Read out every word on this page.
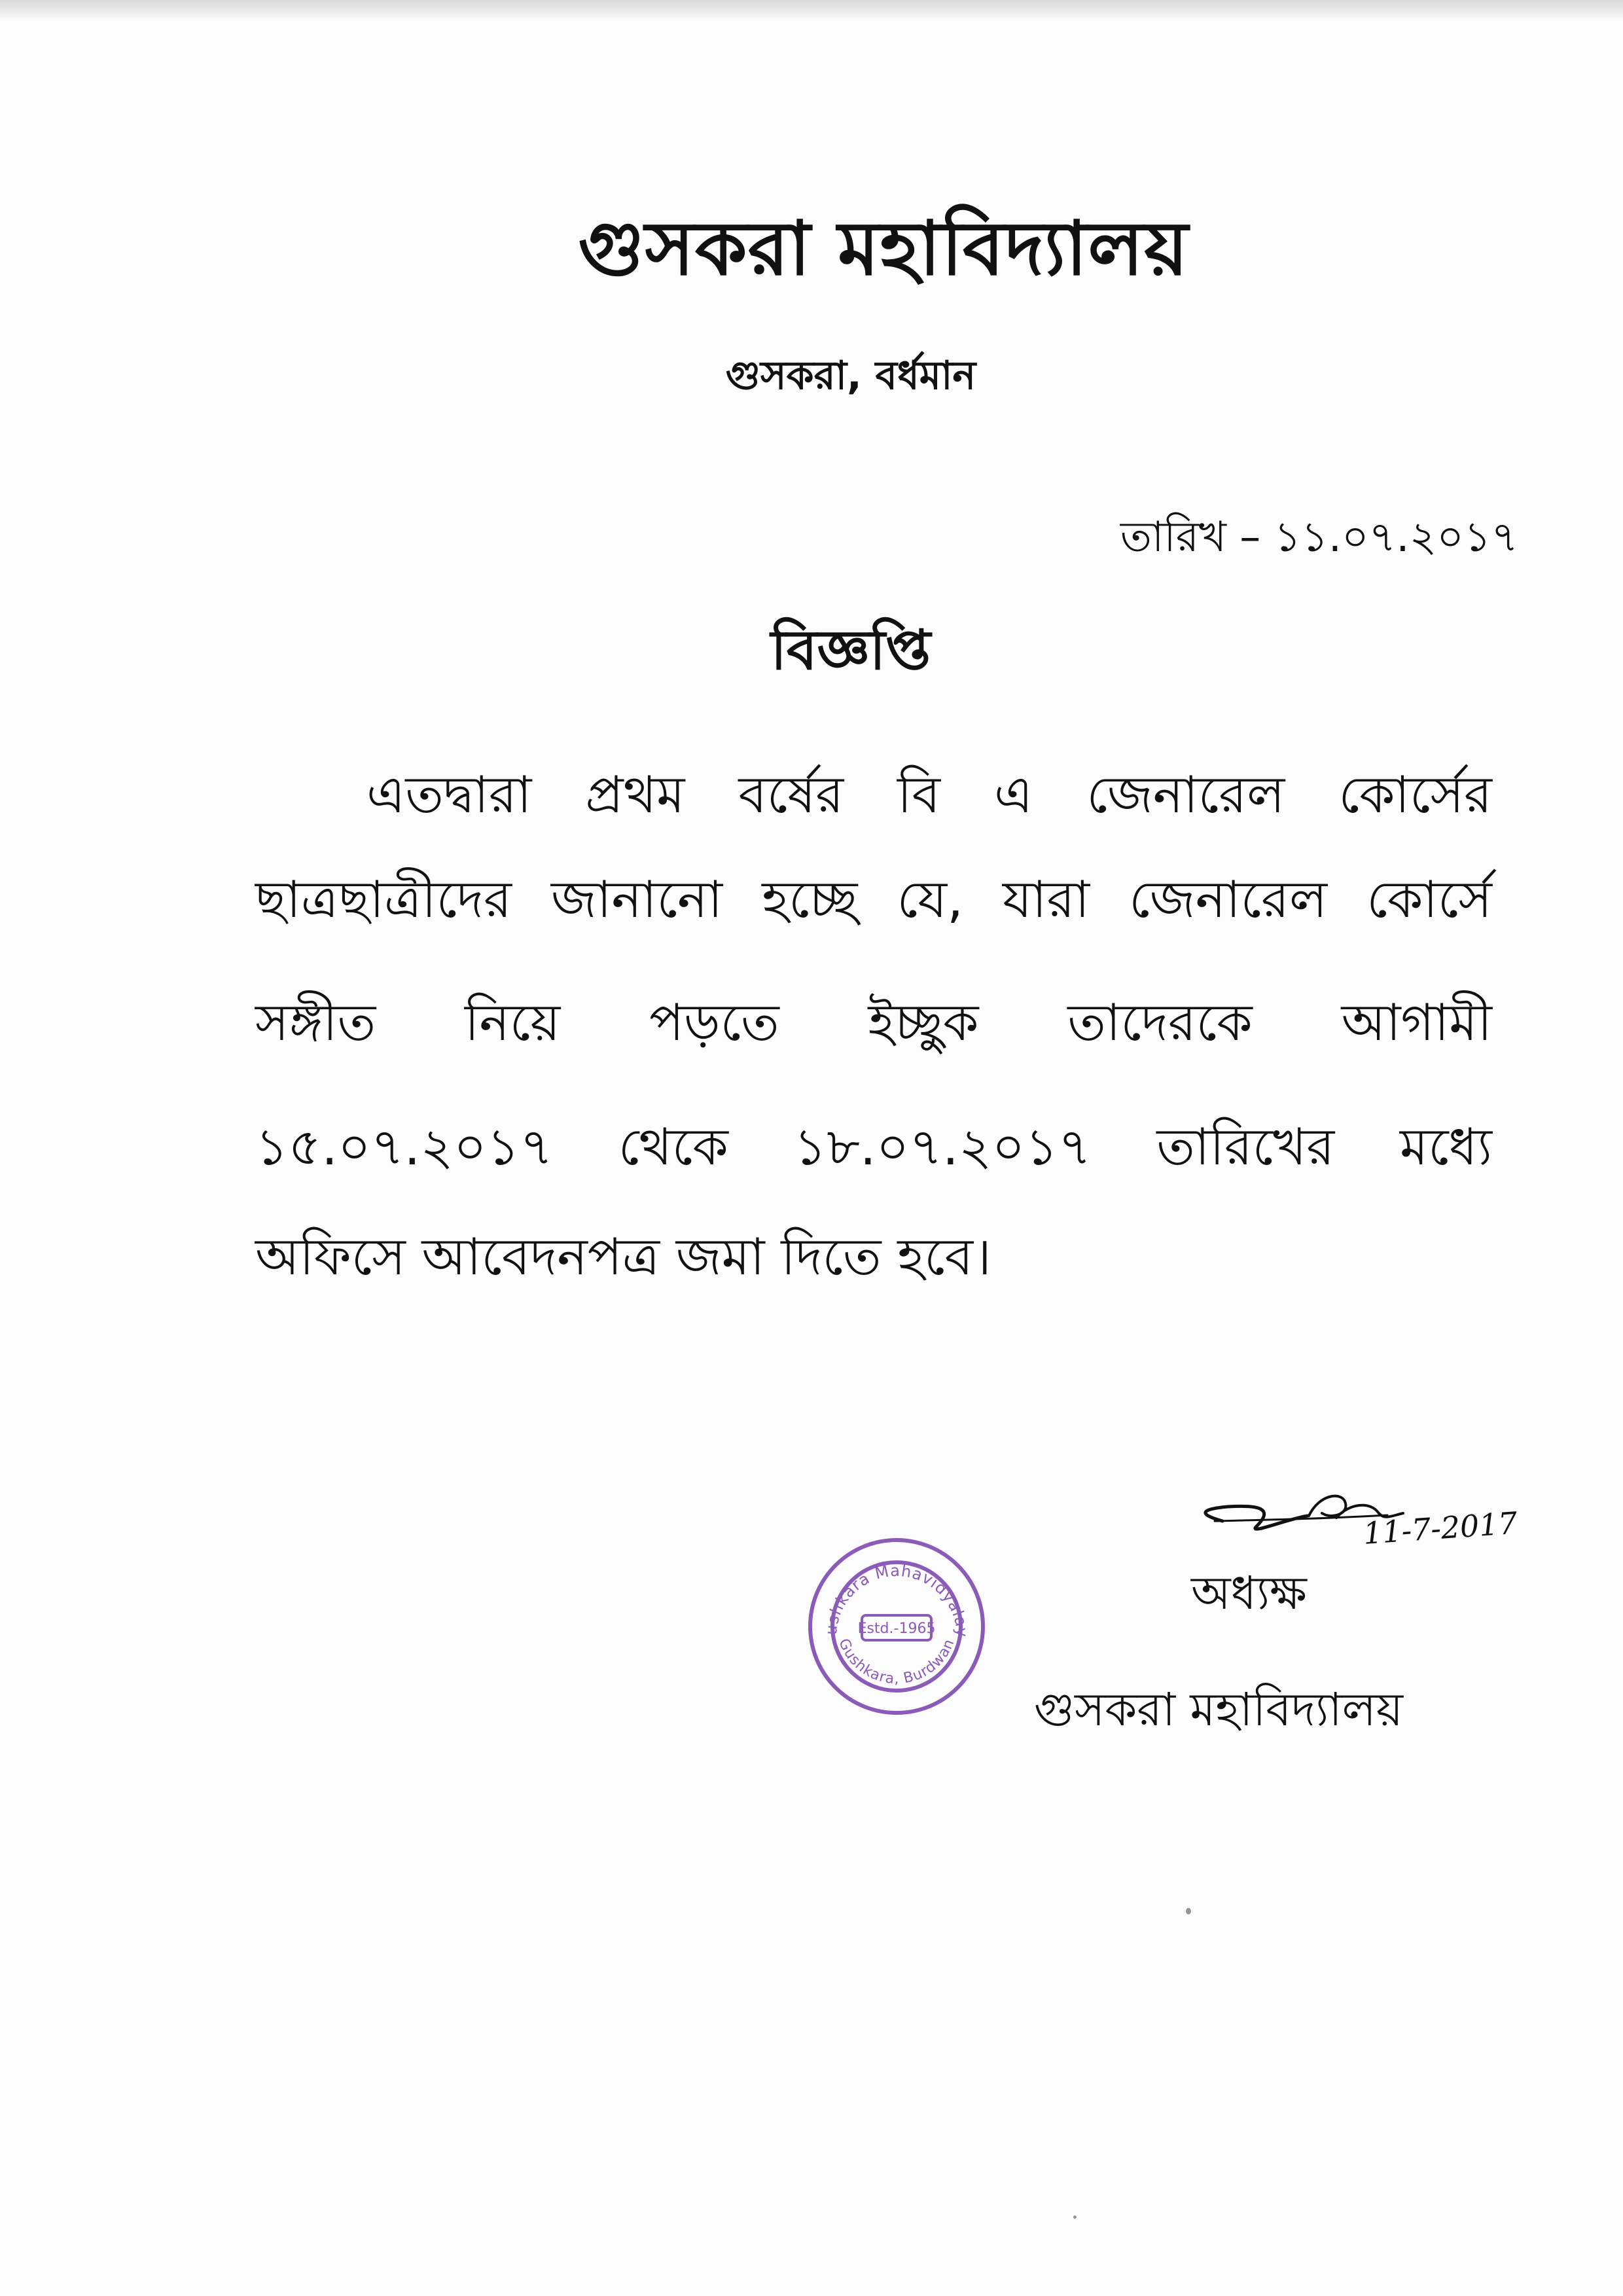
গুসকরা মহাবিদ্যালয়
গুসকরা, বর্ধমান
তারিখ – ১১.০৭.২০১৭
বিজ্ঞপ্তি
এতদ্বারা প্রথম বর্ষের বি এ জেনারেল কোর্সের
ছাত্রছাত্রীদের জানানো হচ্ছে যে, যারা জেনারেল কোর্সে
সঙ্গীত নিয়ে পড়তে ইচ্ছুক তাদেরকে আগামী
১৫.০৭.২০১৭ থেকে ১৮.০৭.২০১৭ তারিখের মধ্যে
অফিসে আবেদনপত্র জমা দিতে হবে।
Gushkara Mahavidyalaya
Gushkara, Burdwan
Estd.-1965
11-7-2017
অধ্যক্ষ
গুসকরা মহাবিদ্যালয়
